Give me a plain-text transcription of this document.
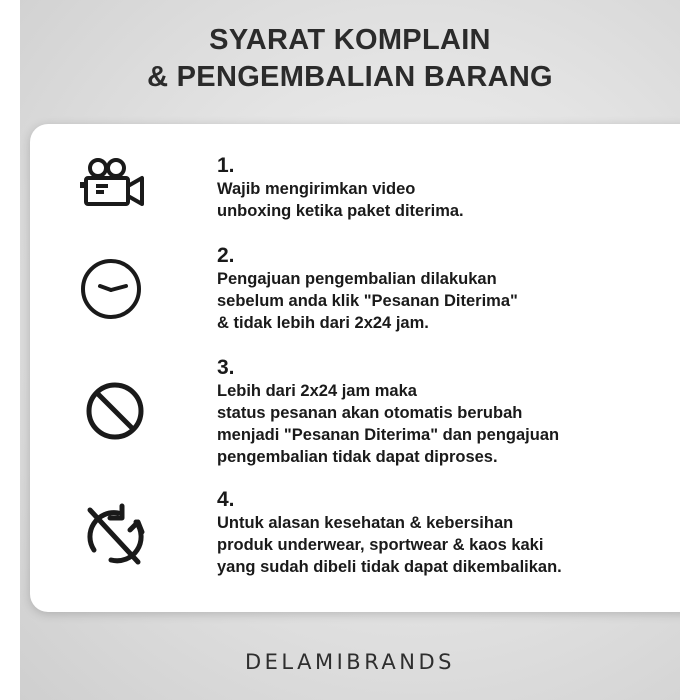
SYARAT KOMPLAIN
& PENGEMBALIAN BARANG
1.
Wajib mengirimkan video
unboxing ketika paket diterima.
2.
Pengajuan pengembalian dilakukan
sebelum anda klik "Pesanan Diterima"
& tidak lebih dari 2x24 jam.
3.
Lebih dari 2x24 jam maka
status pesanan akan otomatis berubah
menjadi "Pesanan Diterima" dan pengajuan
pengembalian tidak dapat diproses.
4.
Untuk alasan kesehatan & kebersihan
produk underwear, sportwear & kaos kaki
yang sudah dibeli tidak dapat dikembalikan.
DELAMIBRANDS
